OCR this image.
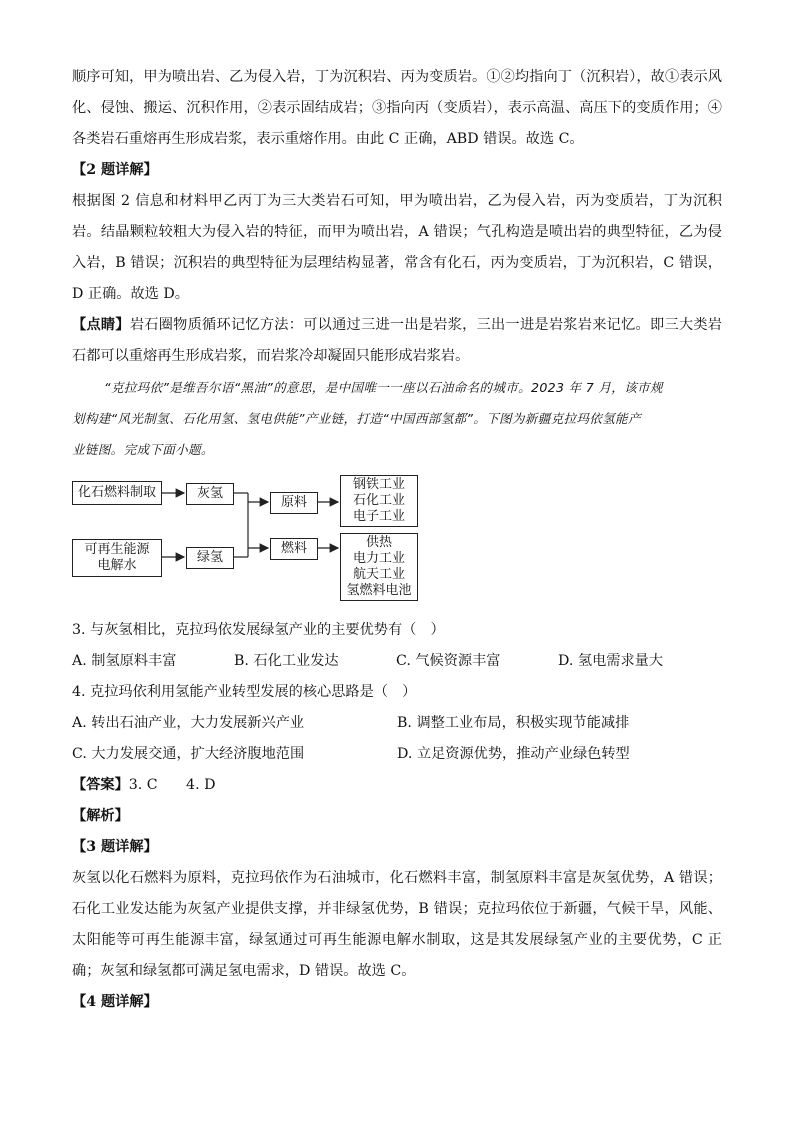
顺序可知，甲为喷出岩、乙为侵入岩，丁为沉积岩、丙为变质岩。①②均指向丁（沉积岩），故①表示风化、侵蚀、搬运、沉积作用，②表示固结成岩；③指向丙（变质岩），表示高温、高压下的变质作用；④各类岩石重熔再生形成岩浆，表示重熔作用。由此 C 正确，ABD 错误。故选 C。

【2 题详解】

根据图 2 信息和材料甲乙丙丁为三大类岩石可知，甲为喷出岩，乙为侵入岩，丙为变质岩，丁为沉积岩。结晶颗粒较粗大为侵入岩的特征，而甲为喷出岩，A 错误；气孔构造是喷出岩的典型特征，乙为侵入岩，B 错误；沉积岩的典型特征为层理结构显著，常含有化石，丙为变质岩，丁为沉积岩，C 错误，D 正确。故选 D。

【点睛】岩石圈物质循环记忆方法：可以通过三进一出是岩浆，三出一进是岩浆岩来记忆。即三大类岩石都可以重熔再生形成岩浆，而岩浆冷却凝固只能形成岩浆岩。

“克拉玛依”是维吾尔语“黑油”的意思，是中国唯一一座以石油命名的城市。2023 年 7 月，该市规

划构建“风光制氢、石化用氢、氢电供能”产业链，打造“中国西部氢都”。下图为新疆克拉玛依氢能产

业链图。完成下面小题。

化石燃料制取	灰氢
可再生能源
电解水
绿氢
原料
燃料
钢铁工业
石化工业
电子工业
供热
电力工业
航天工业
氢燃料电池

3. 与灰氢相比，克拉玛依发展绿氢产业的主要优势有（　）

A. 制氢原料丰富	B. 石化工业发达	C. 气候资源丰富	D. 氢电需求量大

4. 克拉玛依利用氢能产业转型发展的核心思路是（　）

A. 转出石油产业，大力发展新兴产业	B. 调整工业布局，积极实现节能减排
C. 大力发展交通，扩大经济腹地范围	D. 立足资源优势，推动产业绿色转型

【答案】3. C　　4. D

【解析】

【3 题详解】

灰氢以化石燃料为原料，克拉玛依作为石油城市，化石燃料丰富，制氢原料丰富是灰氢优势，A 错误；石化工业发达能为灰氢产业提供支撑，并非绿氢优势，B 错误；克拉玛依位于新疆，气候干旱，风能、太阳能等可再生能源丰富，绿氢通过可再生能源电解水制取，这是其发展绿氢产业的主要优势，C 正确；灰氢和绿氢都可满足氢电需求，D 错误。故选 C。

【4 题详解】
